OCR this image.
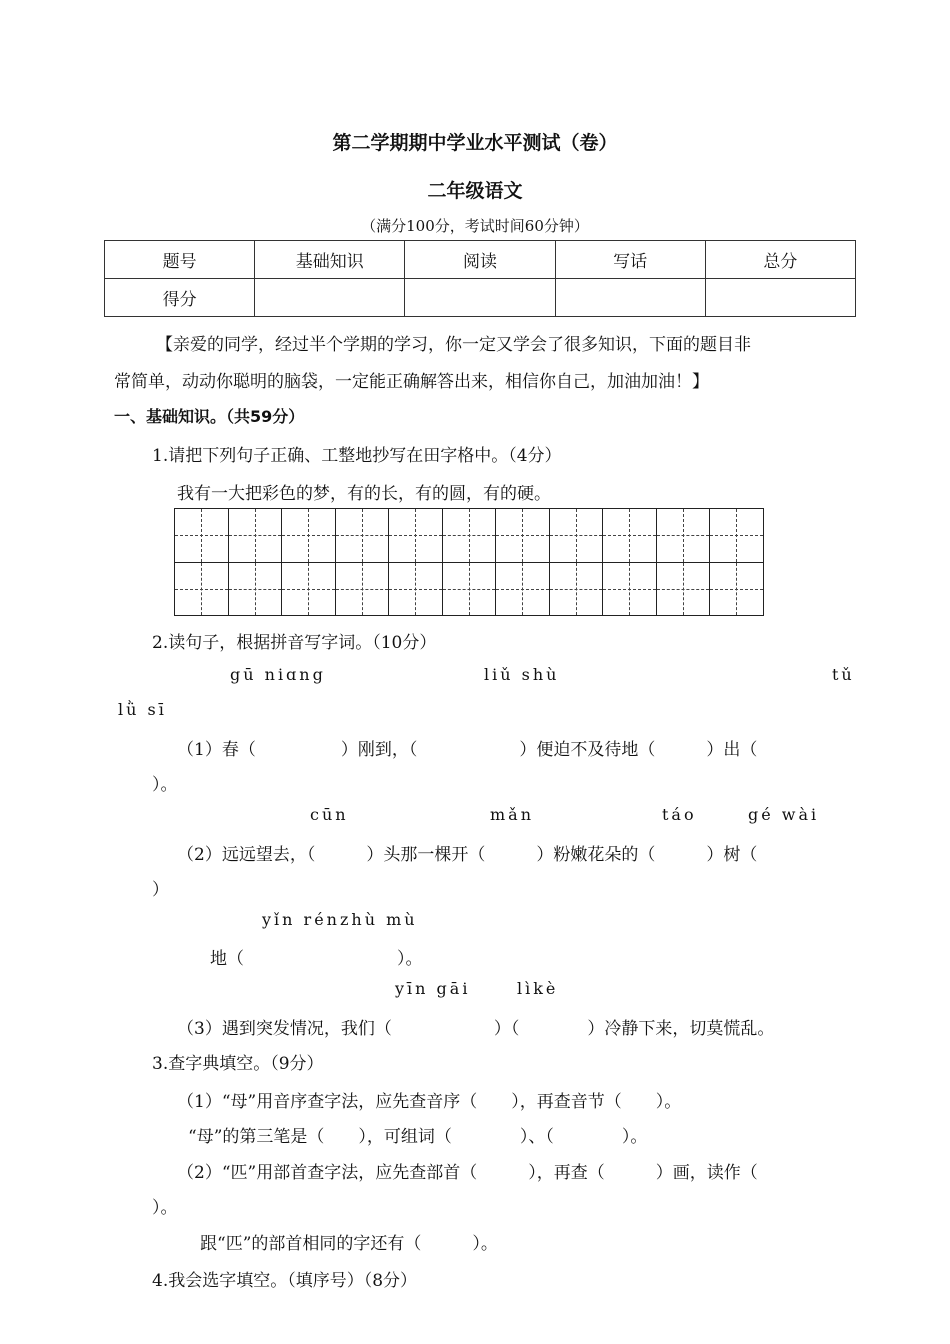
第二学期期中学业水平测试（卷）
二年级语文
（满分100分，考试时间60分钟）
题号	基础知识	阅读	写话	总分
得分				
【亲爱的同学，经过半个学期的学习，你一定又学会了很多知识，下面的题目非
常简单，动动你聪明的脑袋，一定能正确解答出来，相信你自己，加油加油！】
一、基础知识。（共59分）
1.请把下列句子正确、工整地抄写在田字格中。（4分）
我有一大把彩色的梦，有的长，有的圆，有的硬。
2.读句子，根据拼音写字词。（10分）
gū niɑng	liǔ shù	tǔ
lǜ sī
（1）春（　　　　　）刚到，（　　　　　　）便迫不及待地（　　　）出（
）。
cūn	mǎn	táo	gé wài
（2）远远望去，（　　　）头那一棵开（　　　）粉嫩花朵的（　　　）树（
）
yǐn rénzhù mù
地（　　　　　　　　　）。
yīn gāi	lìkè
（3）遇到突发情况，我们（　　　　　　）（　　　　）冷静下来，切莫慌乱。
3.查字典填空。（9分）
（1）“母”用音序查字法，应先查音序（　　），再查音节（　　）。
“母”的第三笔是（　　），可组词（　　　　）、（　　　　）。
（2）“匹”用部首查字法，应先查部首（　　　），再查（　　　）画，读作（
）。
跟“匹”的部首相同的字还有（　　　）。
4.我会选字填空。（填序号）（8分）
